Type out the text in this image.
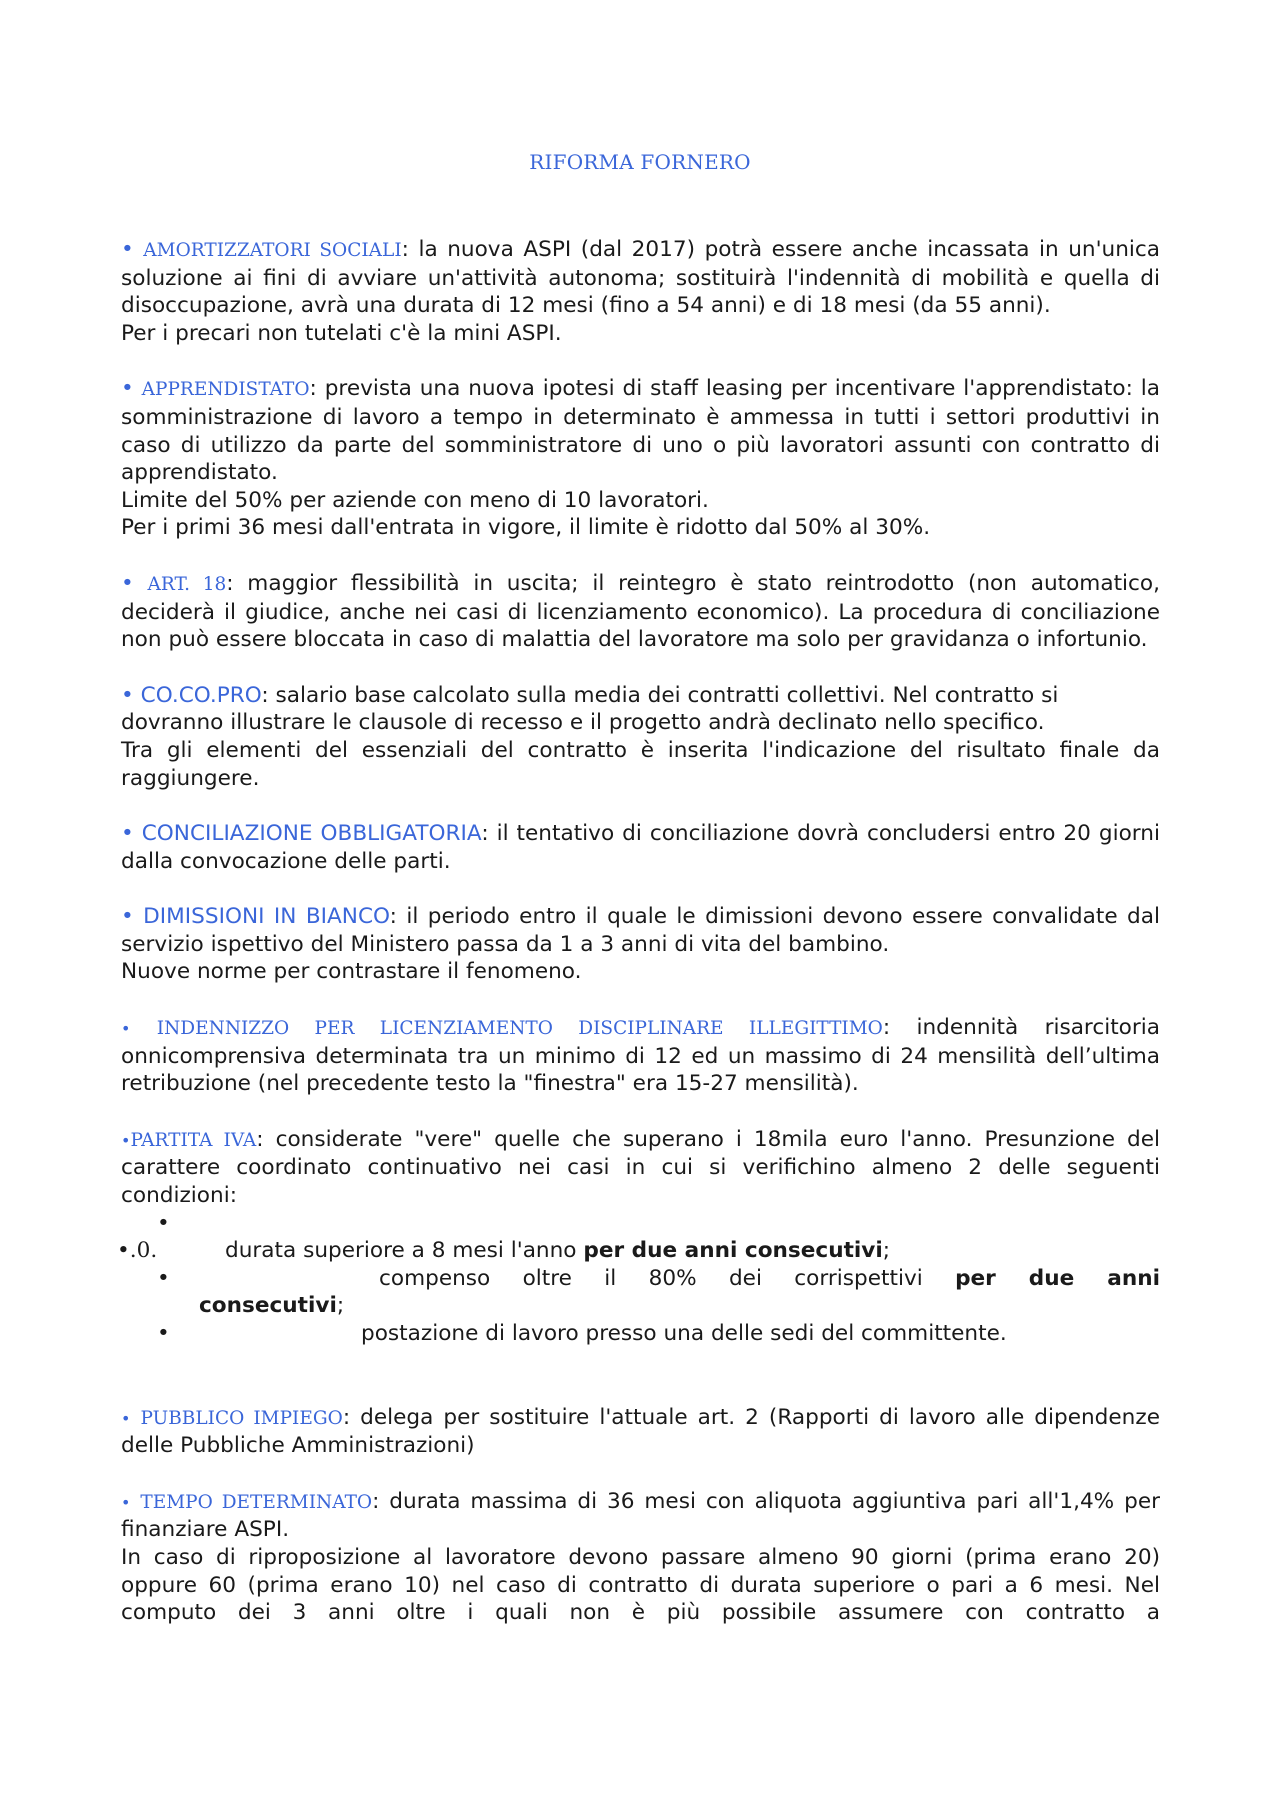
RIFORMA FORNERO

• AMORTIZZATORI SOCIALI: la nuova ASPI (dal 2017) potrà essere anche incassata in un'unica soluzione ai fini di avviare un'attività autonoma; sostituirà l'indennità di mobilità e quella di disoccupazione, avrà una durata di 12 mesi (fino a 54 anni) e di 18 mesi (da 55 anni).

Per i precari non tutelati c'è la mini ASPI.

• APPRENDISTATO: prevista una nuova ipotesi di staff leasing per incentivare l'apprendistato: la somministrazione di lavoro a tempo in determinato è ammessa in tutti i settori produttivi in caso di utilizzo da parte del somministratore di uno o più lavoratori assunti con contratto di apprendistato.

Limite del 50% per aziende con meno di 10 lavoratori.

Per i primi 36 mesi dall'entrata in vigore, il limite è ridotto dal 50% al 30%.

• ART. 18: maggior flessibilità in uscita; il reintegro è stato reintrodotto (non automatico, deciderà il giudice, anche nei casi di licenziamento economico). La procedura di conciliazione non può essere bloccata in caso di malattia del lavoratore ma solo per gravidanza o infortunio.

• CO.CO.PRO: salario base calcolato sulla media dei contratti collettivi. Nel contratto si

dovranno illustrare le clausole di recesso e il progetto andrà declinato nello specifico.

Tra gli elementi del essenziali del contratto è inserita l'indicazione del risultato finale da raggiungere.

• CONCILIAZIONE OBBLIGATORIA: il tentativo di conciliazione dovrà concludersi entro 20 giorni dalla convocazione delle parti.

• DIMISSIONI IN BIANCO: il periodo entro il quale le dimissioni devono essere convalidate dal servizio ispettivo del Ministero passa da 1 a 3 anni di vita del bambino.

Nuove norme per contrastare il fenomeno.

• INDENNIZZO PER LICENZIAMENTO DISCIPLINARE ILLEGITTIMO: indennità risarcitoria onnicomprensiva determinata tra un minimo di 12 ed un massimo di 24 mensilità dell’ultima retribuzione (nel precedente testo la "finestra" era 15-27 mensilità).

•PARTITA IVA: considerate "vere" quelle che superano i 18mila euro l'anno. Presunzione del carattere coordinato continuativo nei casi in cui si verifichino almeno 2 delle seguenti condizioni:

•
•.0.	durata superiore a 8 mesi l'anno per due anni consecutivi;
•	compenso oltre il 80% dei corrispettivi per due anni
consecutivi;
•	postazione di lavoro presso una delle sedi del committente.

• PUBBLICO IMPIEGO: delega per sostituire l'attuale art. 2 (Rapporti di lavoro alle dipendenze delle Pubbliche Amministrazioni)

• TEMPO DETERMINATO: durata massima di 36 mesi con aliquota aggiuntiva pari all'1,4% per finanziare ASPI.

In caso di riproposizione al lavoratore devono passare almeno 90 giorni (prima erano 20) oppure 60 (prima erano 10) nel caso di contratto di durata superiore o pari a 6 mesi. Nel computo dei 3 anni oltre i quali non è più possibile assumere con contratto a
